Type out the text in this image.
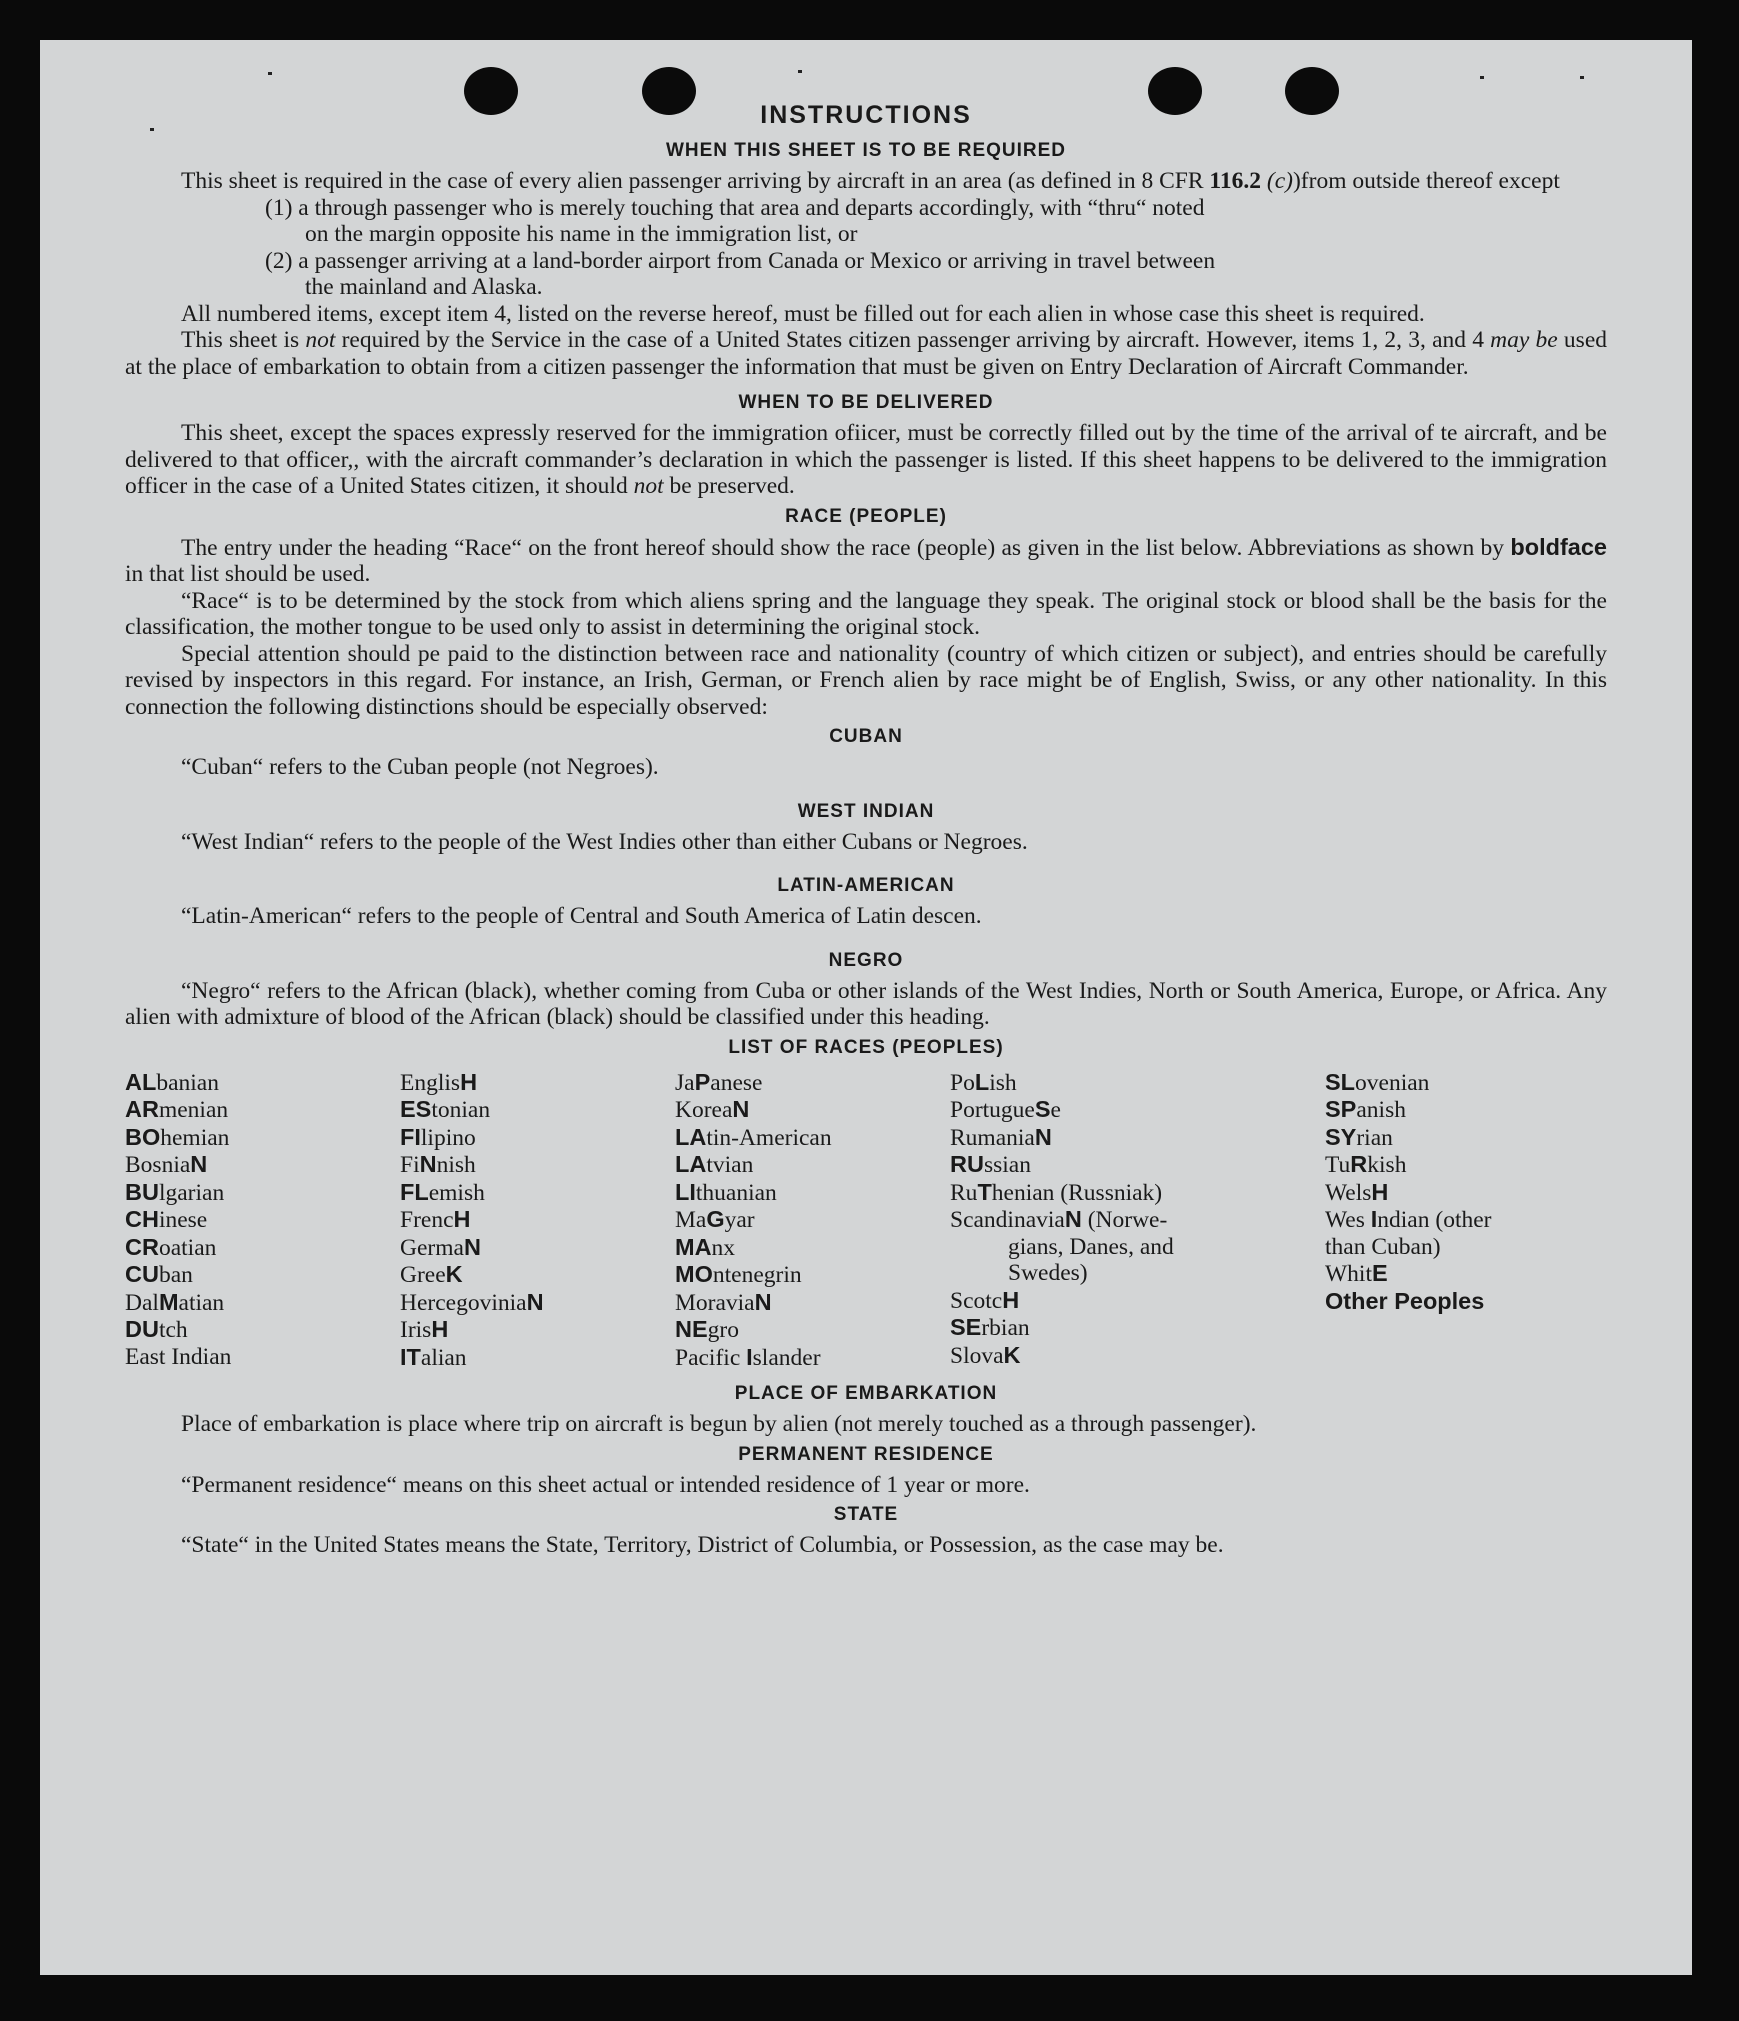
INSTRUCTIONS
WHEN THIS SHEET IS TO BE REQUIRED

This sheet is required in the case of every alien passenger arriving by aircraft in an area (as defined in 8 CFR 116.2 (c))from outside thereof except

(1) a through passenger who is merely touching that area and departs accordingly, with “thru“ noted
on the margin opposite his name in the immigration list, or
(2) a passenger arriving at a land-border airport from Canada or Mexico or arriving in travel between
the mainland and Alaska.

All numbered items, except item 4, listed on the reverse hereof, must be filled out for each alien in whose case this sheet is required.

This sheet is not required by the Service in the case of a United States citizen passenger arriving by aircraft. However, items 1, 2, 3, and 4 may be used at the place of embarkation to obtain from a citizen passenger the information that must be given on Entry Declaration of Aircraft Commander.

WHEN TO BE DELIVERED

This sheet, except the spaces expressly reserved for the immigration ofiicer, must be correctly filled out by the time of the arrival of te aircraft, and be delivered to that officer,, with the aircraft commander’s declaration in which the passenger is listed. If this sheet happens to be delivered to the immigration officer in the case of a United States citizen, it should not be preserved.

RACE (PEOPLE)

The entry under the heading “Race“ on the front hereof should show the race (people) as given in the list below. Abbreviations as shown by boldface in that list should be used.

“Race“ is to be determined by the stock from which aliens spring and the language they speak. The original stock or blood shall be the basis for the classification, the mother tongue to be used only to assist in determining the original stock.

Special attention should pe paid to the distinction between race and nationality (country of which citizen or subject), and entries should be carefully revised by inspectors in this regard. For instance, an Irish, German, or French alien by race might be of English, Swiss, or any other nationality. In this connection the following distinctions should be especially observed:

CUBAN

“Cuban“ refers to the Cuban people (not Negroes).

WEST INDIAN

“West Indian“ refers to the people of the West Indies other than either Cubans or Negroes.

LATIN-AMERICAN

“Latin-American“ refers to the people of Central and South America of Latin descen.

NEGRO

“Negro“ refers to the African (black), whether coming from Cuba or other islands of the West Indies, North or South America, Europe, or Africa. Any alien with admixture of blood of the African (black) should be classified under this heading.

LIST OF RACES (PEOPLES)
ALbanian
ARmenian
BOhemian
BosniaN
BUlgarian
CHinese
CRoatian
CUban
DalMatian
DUtch
East Indian
EnglisH
EStonian
FIlipino
FiNnish
FLemish
FrencH
GermaN
GreeK
HercegoviniaN
IrisH
ITalian
JaPanese
KoreaN
LAtin-American
LAtvian
LIthuanian
MaGyar
MAnx
MOntenegrin
MoraviaN
NEgro
Pacific Islander
PoLish
PortugueSe
RumaniaN
RUssian
RuThenian (Russniak)
ScandinaviaN (Norwe-
gians, Danes, and
Swedes)
ScotcH
SErbian
SlovaK
SLovenian
SPanish
SYrian
TuRkish
WelsH
Wes Indian (other
than Cuban)
WhitE
Other Peoples
PLACE OF EMBARKATION

Place of embarkation is place where trip on aircraft is begun by alien (not merely touched as a through passenger).

PERMANENT RESIDENCE

“Permanent residence“ means on this sheet actual or intended residence of 1 year or more.

STATE

“State“ in the United States means the State, Territory, District of Columbia, or Possession, as the case may be.
